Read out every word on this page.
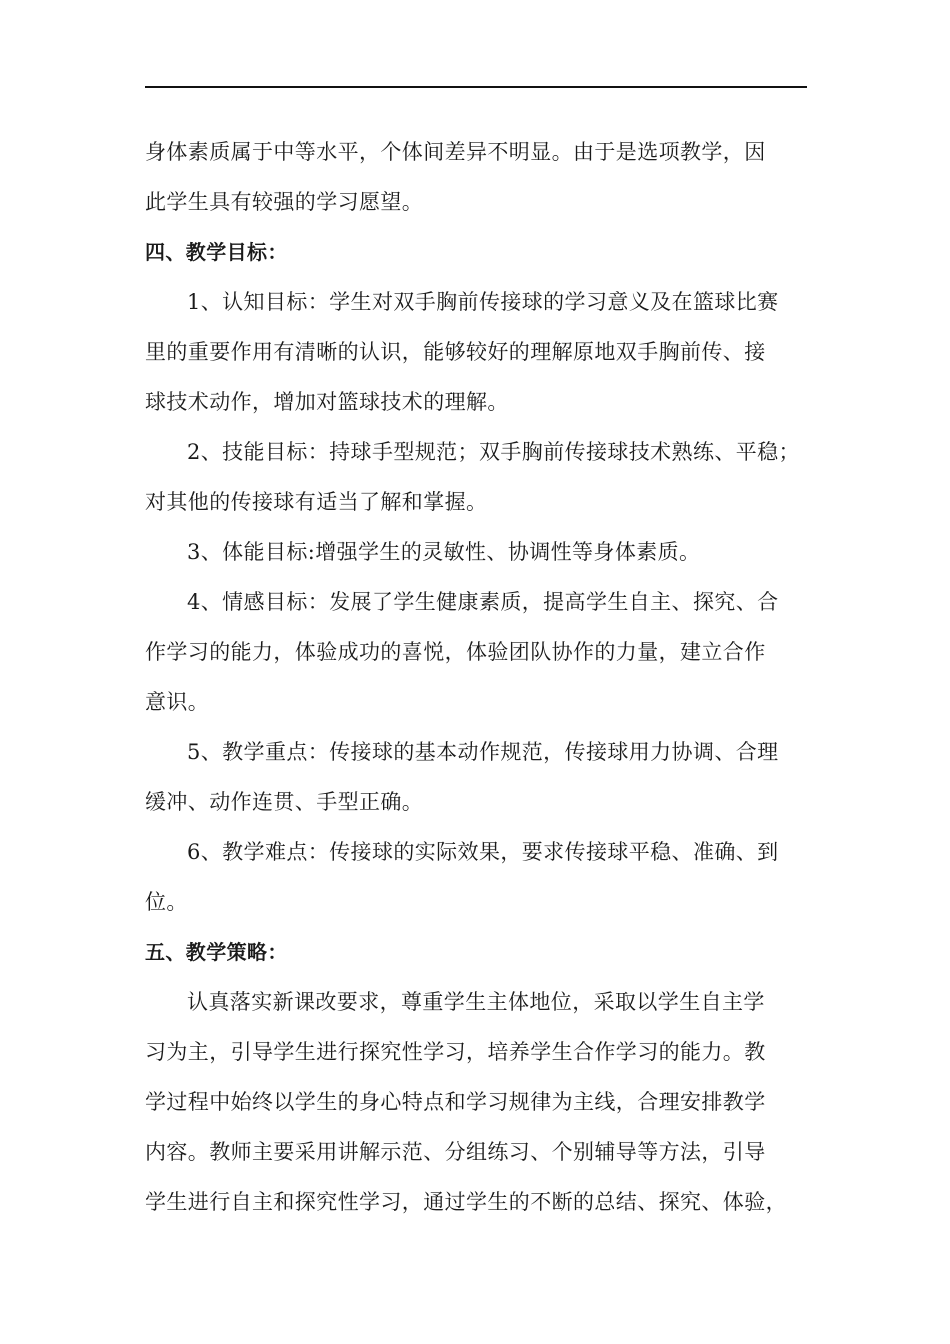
身体素质属于中等水平，个体间差异不明显。由于是选项教学，因

此学生具有较强的学习愿望。

四、教学目标：

1、认知目标：学生对双手胸前传接球的学习意义及在篮球比赛

里的重要作用有清晰的认识，能够较好的理解原地双手胸前传、接

球技术动作，增加对篮球技术的理解。

2、技能目标：持球手型规范；双手胸前传接球技术熟练、平稳；

对其他的传接球有适当了解和掌握。

3、体能目标:增强学生的灵敏性、协调性等身体素质。

4、情感目标：发展了学生健康素质，提高学生自主、探究、合

作学习的能力，体验成功的喜悦，体验团队协作的力量，建立合作

意识。

5、教学重点：传接球的基本动作规范，传接球用力协调、合理

缓冲、动作连贯、手型正确。

6、教学难点：传接球的实际效果，要求传接球平稳、准确、到

位。

五、教学策略：

认真落实新课改要求，尊重学生主体地位，采取以学生自主学

习为主，引导学生进行探究性学习，培养学生合作学习的能力。教

学过程中始终以学生的身心特点和学习规律为主线，合理安排教学

内容。教师主要采用讲解示范、分组练习、个别辅导等方法，引导

学生进行自主和探究性学习，通过学生的不断的总结、探究、体验，
